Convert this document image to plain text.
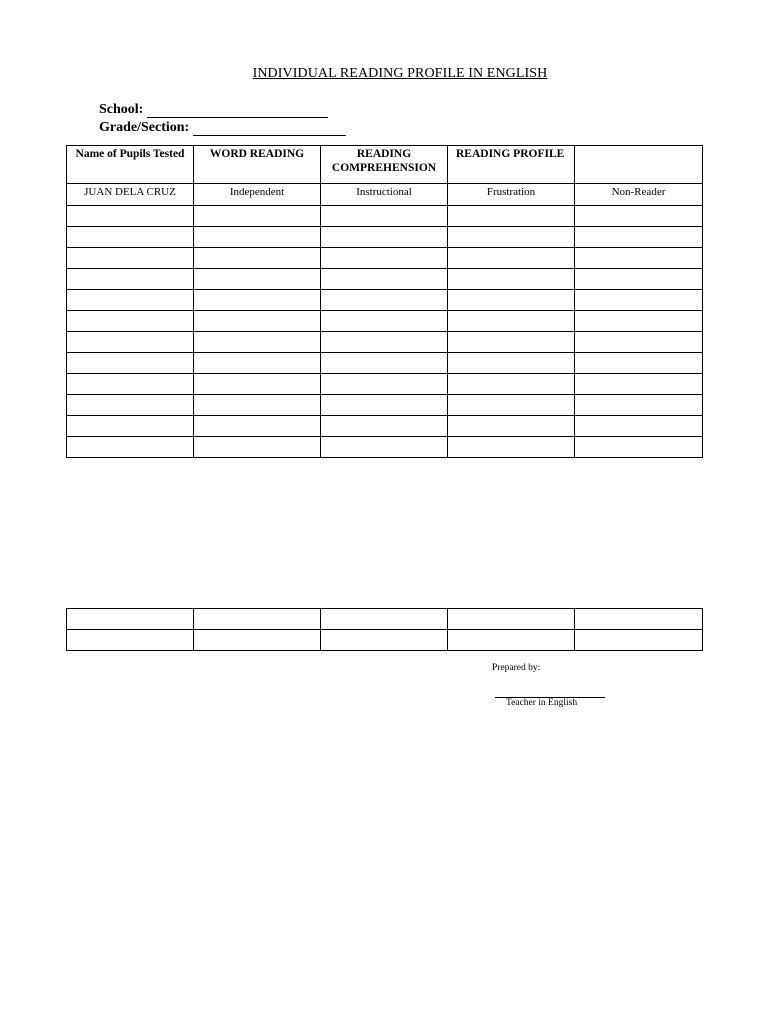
INDIVIDUAL READING PROFILE IN ENGLISH
School:
Grade/Section:
Name of Pupils Tested	WORD READING	READING COMPREHENSION	READING PROFILE	
JUAN DELA CRUZ	Independent	Instructional	Frustration	Non-Reader

Prepared by:
Teacher in English
